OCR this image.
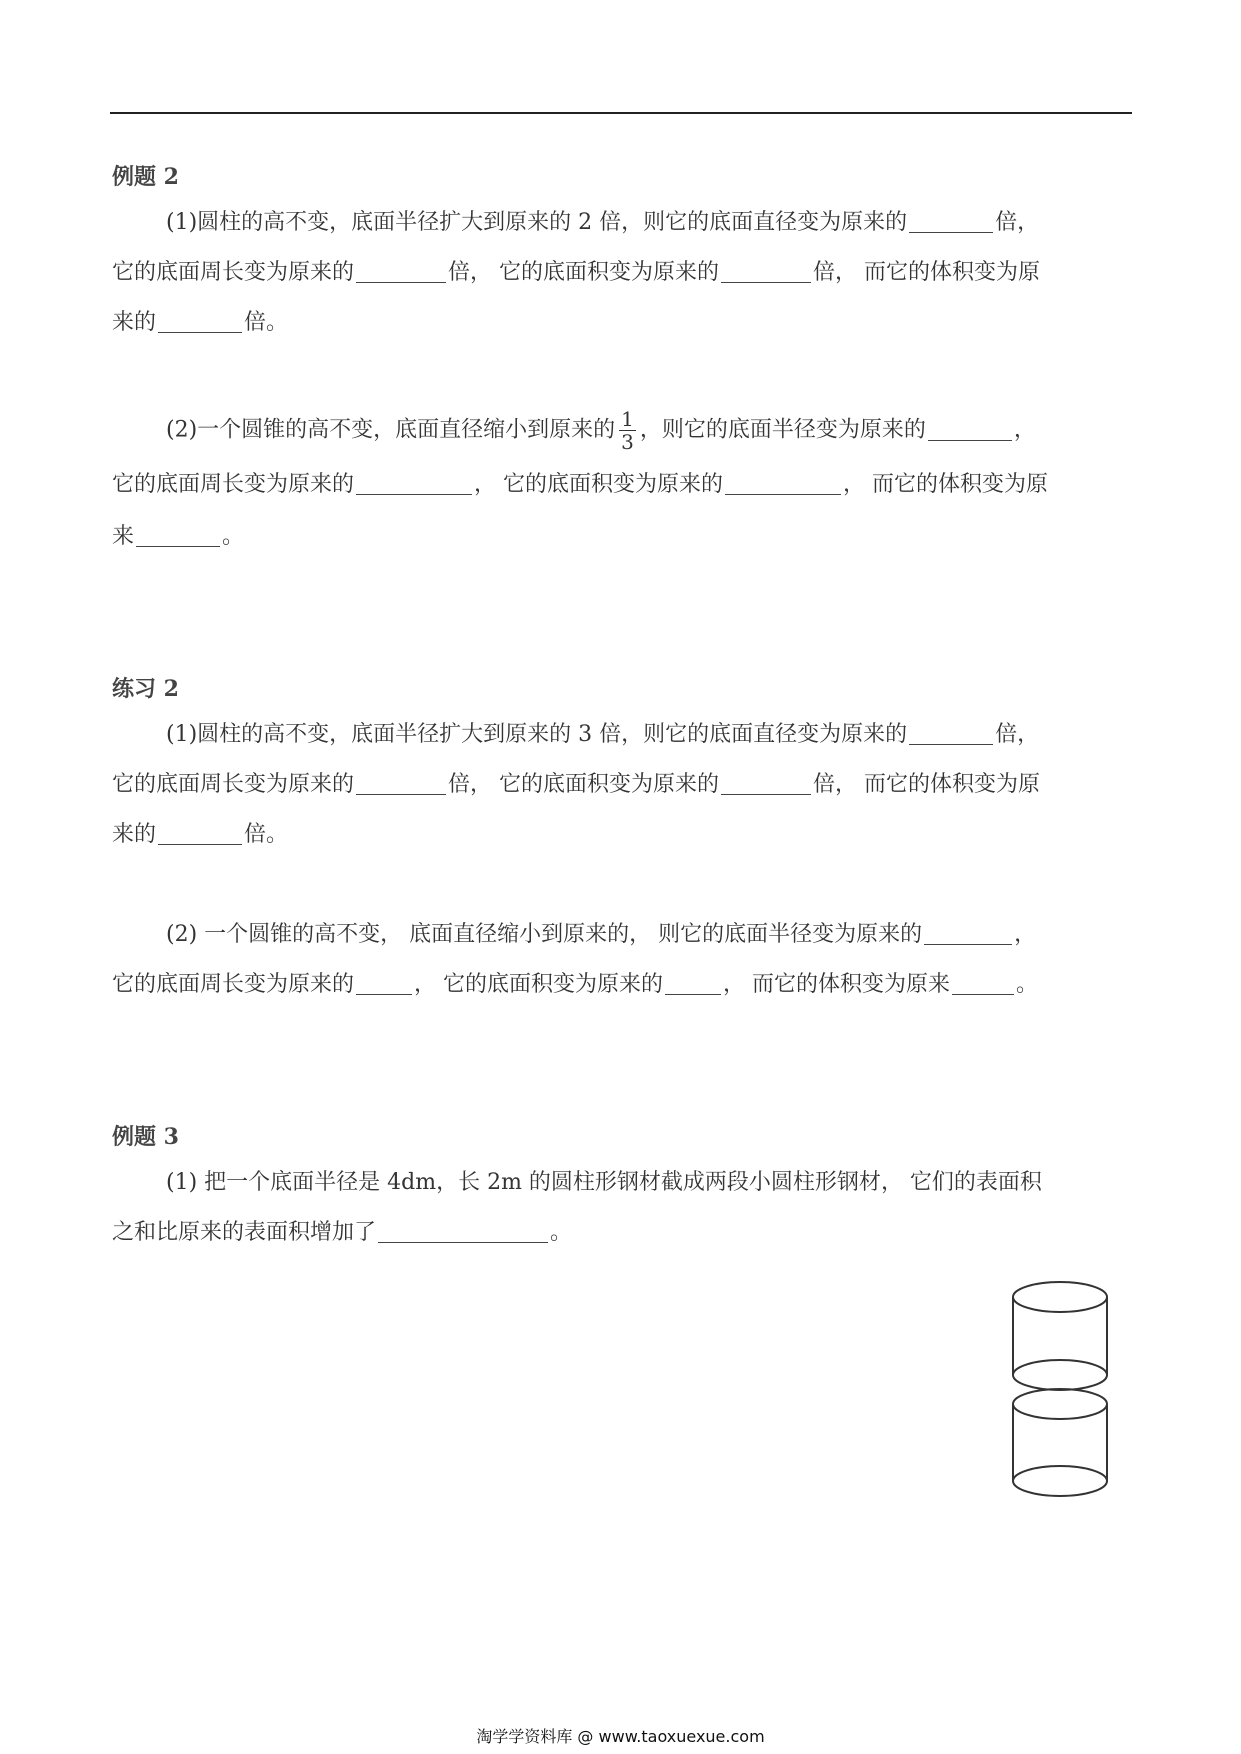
例题 2
(1)圆柱的高不变，底面半径扩大到原来的 2 倍，则它的底面直径变为原来的	倍，
它的底面周长变为原来的	倍， 它的底面积变为原来的	倍， 而它的体积变为原
来的	倍。
(2)一个圆锥的高不变，底面直径缩小到原来的 $\frac{1}{3}$ ，则它的底面半径变为原来的	，
它的底面周长变为原来的	， 它的底面积变为原来的	， 而它的体积变为原
来	。
练习 2
(1)圆柱的高不变，底面半径扩大到原来的 3 倍，则它的底面直径变为原来的	倍，
它的底面周长变为原来的	倍， 它的底面积变为原来的	倍， 而它的体积变为原
来的	倍。
(2) 一个圆锥的高不变， 底面直径缩小到原来的， 则它的底面半径变为原来的	，
它的底面周长变为原来的	， 它的底面积变为原来的	， 而它的体积变为原来	。
例题 3
(1) 把一个底面半径是 4dm，长 2m 的圆柱形钢材截成两段小圆柱形钢材， 它们的表面积
之和比原来的表面积增加了	。
淘学学资料库 @ www.taoxuexue.com
